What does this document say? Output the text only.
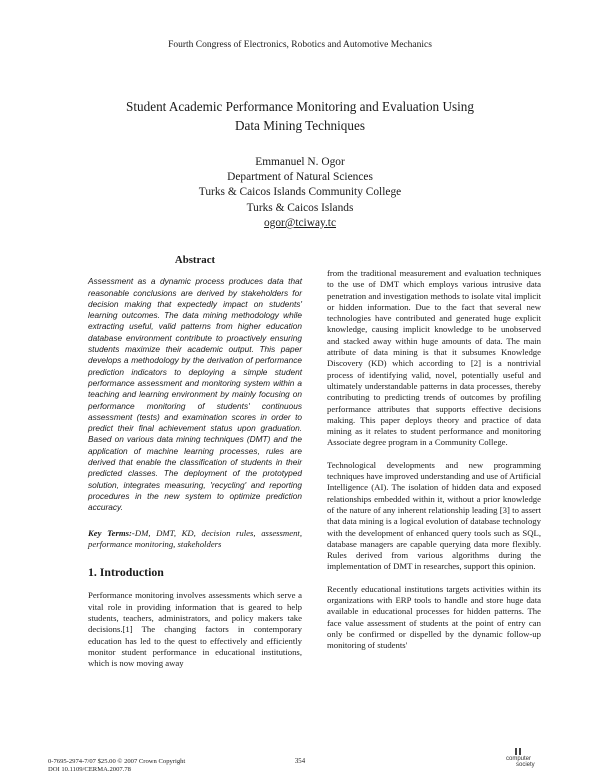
Fourth Congress of Electronics, Robotics and Automotive Mechanics
Student Academic Performance Monitoring and Evaluation Using
Data Mining Techniques
Emmanuel N. Ogor
Department of Natural Sciences
Turks & Caicos Islands Community College
Turks & Caicos Islands
ogor@tciway.tc
Abstract

Assessment as a dynamic process produces data that reasonable conclusions are derived by stakeholders for decision making that expectedly impact on students' learning outcomes. The data mining methodology while extracting useful, valid patterns from higher education database environment contribute to proactively ensuring students maximize their academic output. This paper develops a methodology by the derivation of performance prediction indicators to deploying a simple student performance assessment and monitoring system within a teaching and learning environment by mainly focusing on performance monitoring of students' continuous assessment (tests) and examination scores in order to predict their final achievement status upon graduation. Based on various data mining techniques (DMT) and the application of machine learning processes, rules are derived that enable the classification of students in their predicted classes. The deployment of the prototyped solution, integrates measuring, 'recycling' and reporting procedures in the new system to optimize prediction accuracy.

Key Terms:-DM, DMT, KD, decision rules, assessment, performance monitoring, stakeholders

1. Introduction

Performance monitoring involves assessments which serve a vital role in providing information that is geared to help students, teachers, administrators, and policy makers take decisions.[1] The changing factors in contemporary education has led to the quest to effectively and efficiently monitor student performance in educational institutions, which is now moving away

from the traditional measurement and evaluation techniques to the use of DMT which employs various intrusive data penetration and investigation methods to isolate vital implicit or hidden information. Due to the fact that several new technologies have contributed and generated huge explicit knowledge, causing implicit knowledge to be unobserved and stacked away within huge amounts of data. The main attribute of data mining is that it subsumes Knowledge Discovery (KD) which according to [2] is a nontrivial process of identifying valid, novel, potentially useful and ultimately understandable patterns in data processes, thereby contributing to predicting trends of outcomes by profiling performance attributes that supports effective decisions making. This paper deploys theory and practice of data mining as it relates to student performance and monitoring Associate degree program in a Community College.

Technological developments and new programming techniques have improved understanding and use of Artificial Intelligence (AI). The isolation of hidden data and exposed relationships embedded within it, without a prior knowledge of the nature of any inherent relationship leading [3] to assert that data mining is a logical evolution of database technology with the development of enhanced query tools such as SQL, database managers are capable querying data more flexibly. Rules derived from various algorithms during the implementation of DMT in researches, support this opinion.

Recently educational institutions targets activities within its organizations with ERP tools to handle and store huge data available in educational processes for hidden patterns. The face value assessment of students at the point of entry can only be confirmed or dispelled by the dynamic follow-up monitoring of students'

0-7695-2974-7/07 $25.00 © 2007 Crown Copyright
DOI 10.1109/CERMA.2007.78
354	computer
society
